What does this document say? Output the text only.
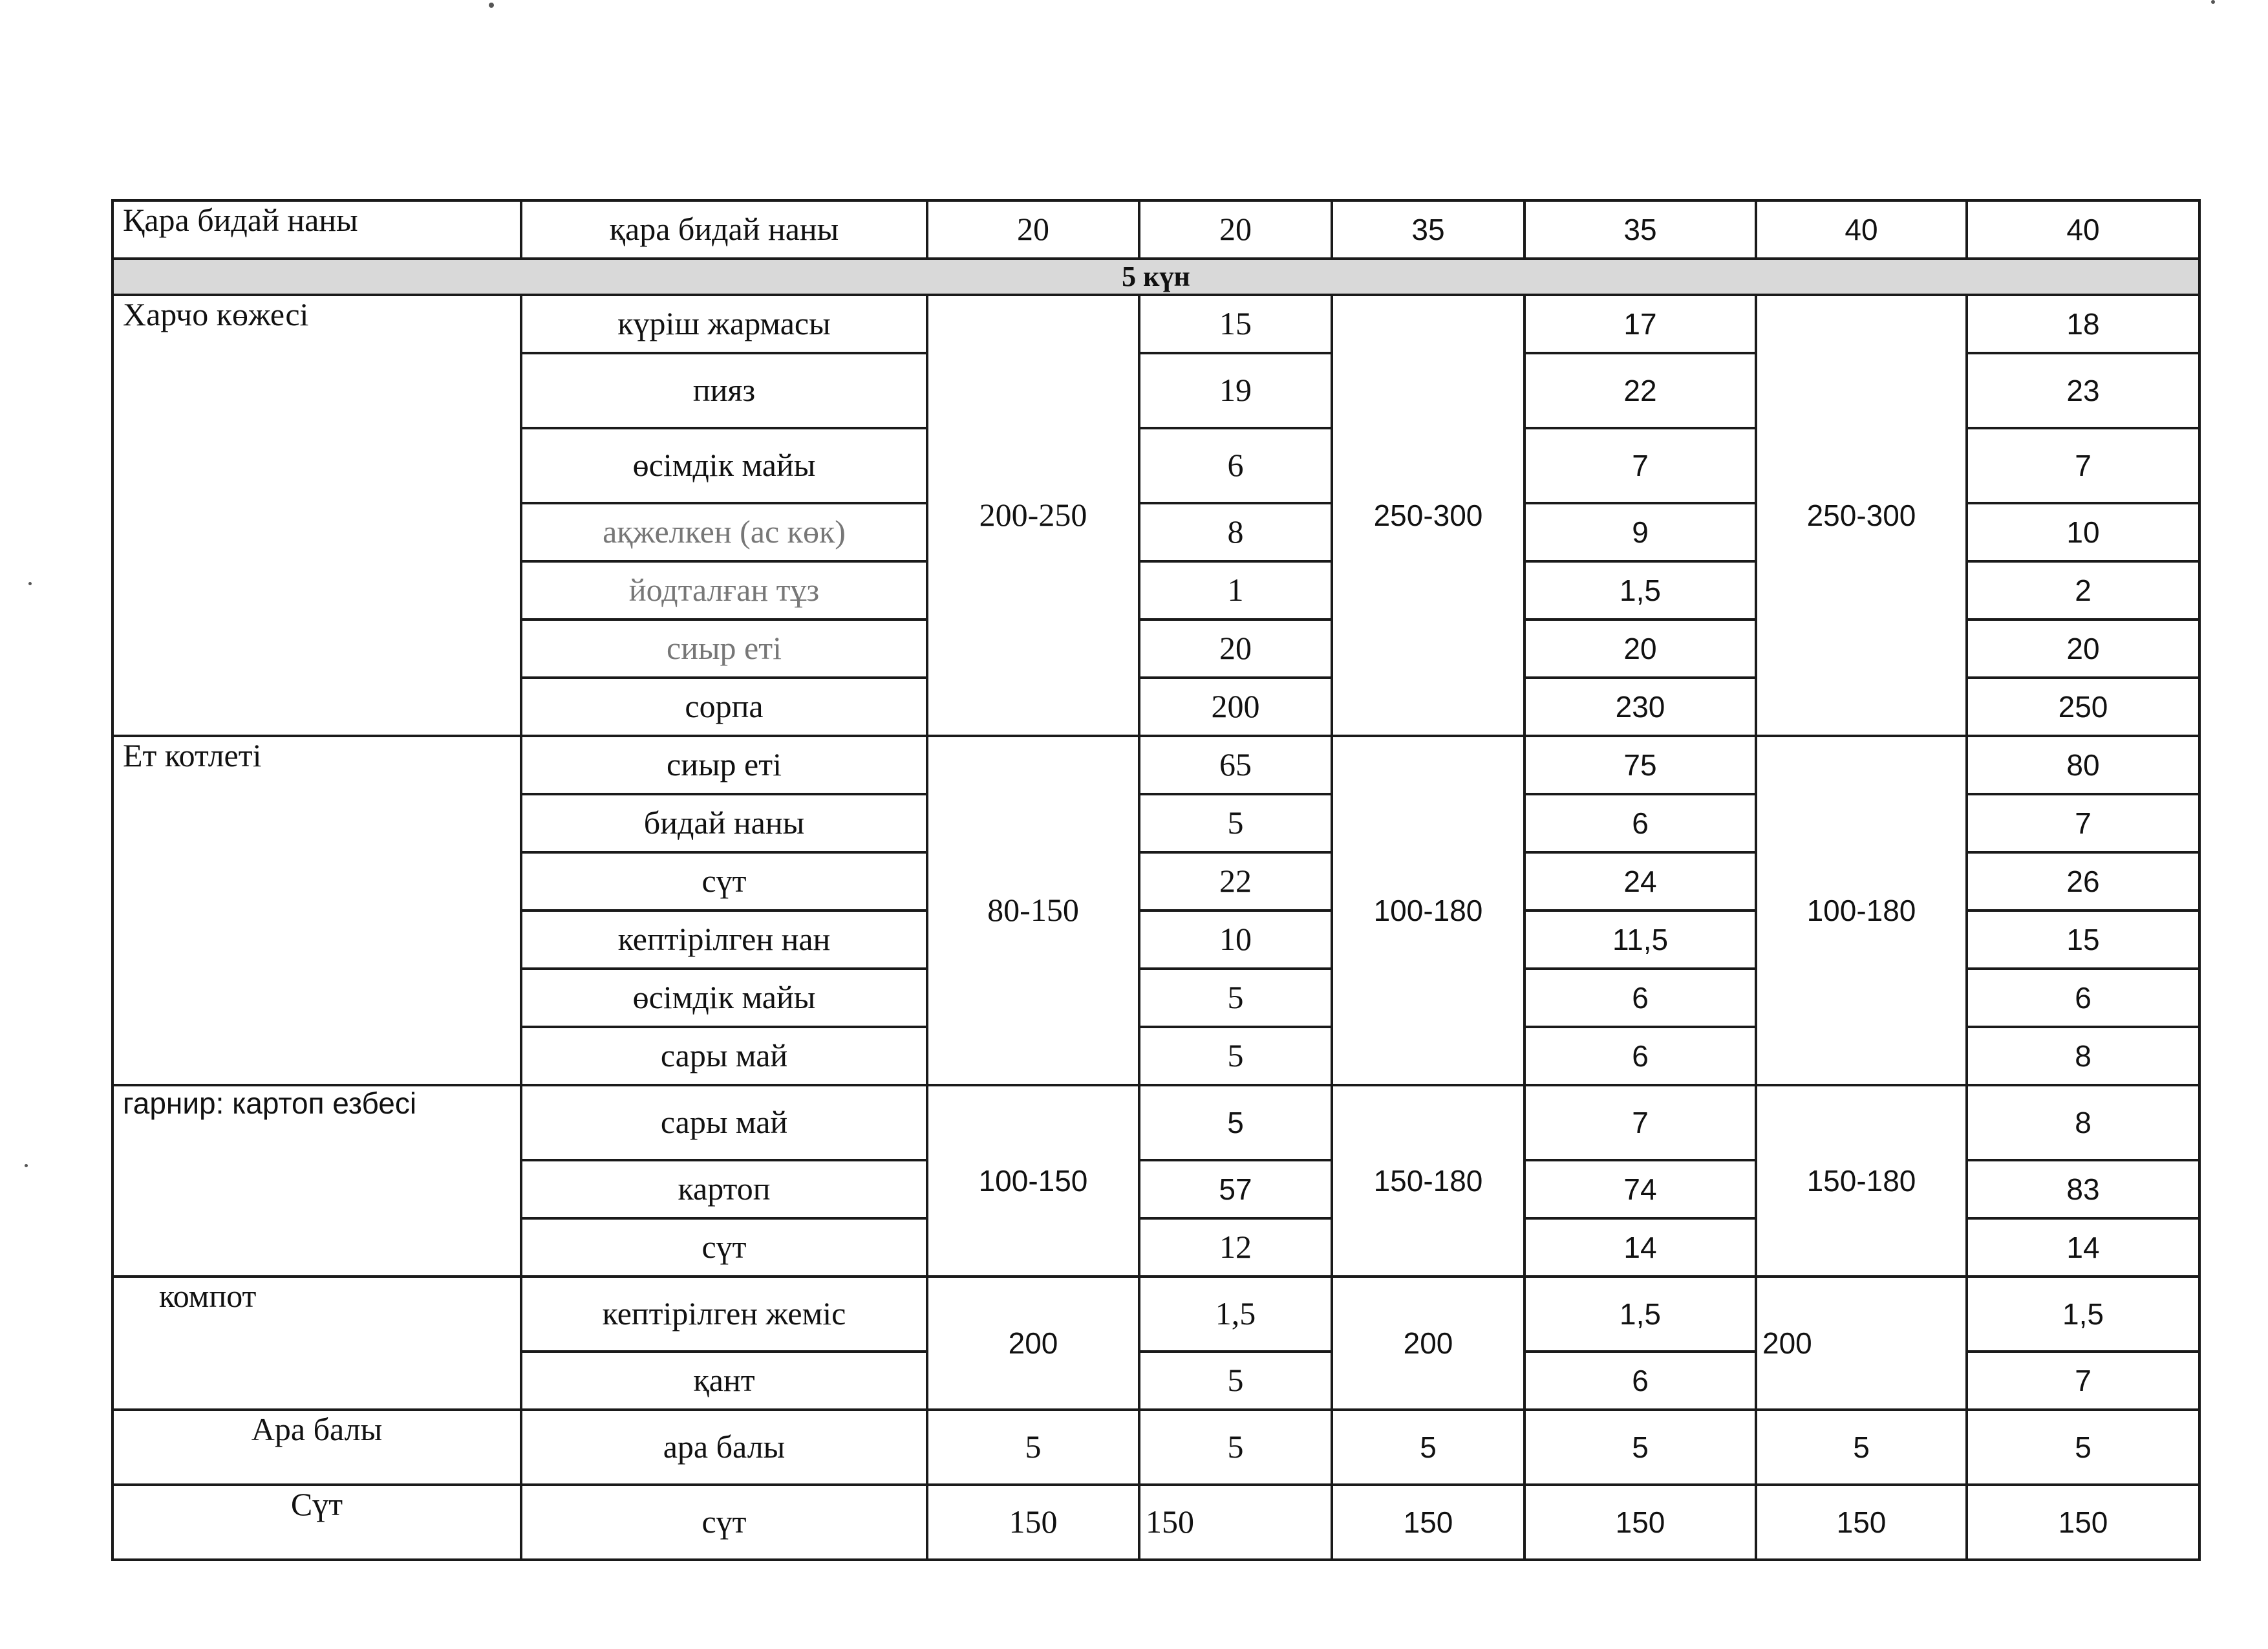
Қара бидай наны	қара бидай наны	20	20	35	35	40	40
5 күн							
Харчо көжесі	күріш жармасы	200-250	15	250-300	17	250-300	18
	пияз		19		22		23
	өсімдік майы		6		7		7
	ақжелкен (ас көк)		8		9		10
	йодталған тұз		1		1,5		2
	сиыр еті		20		20		20
	сорпа		200		230		250
Ет котлеті	сиыр еті	80-150	65	100-180	75	100-180	80
	бидай наны		5		6		7
	сүт		22		24		26
	кептірілген нан		10		11,5		15
	өсімдік майы		5		6		6
	сары май		5		6		8
гарнир: картоп езбесі	сары май	100-150	5	150-180	7	150-180	8
	картоп		57		74		83
	сүт		12		14		14
компот	кептірілген жеміс	200	1,5	200	1,5	200	1,5
	қант		5		6		7
Ара балы	ара балы	5	5	5	5	5	5
Сүт	сүт	150	150	150	150	150	150
